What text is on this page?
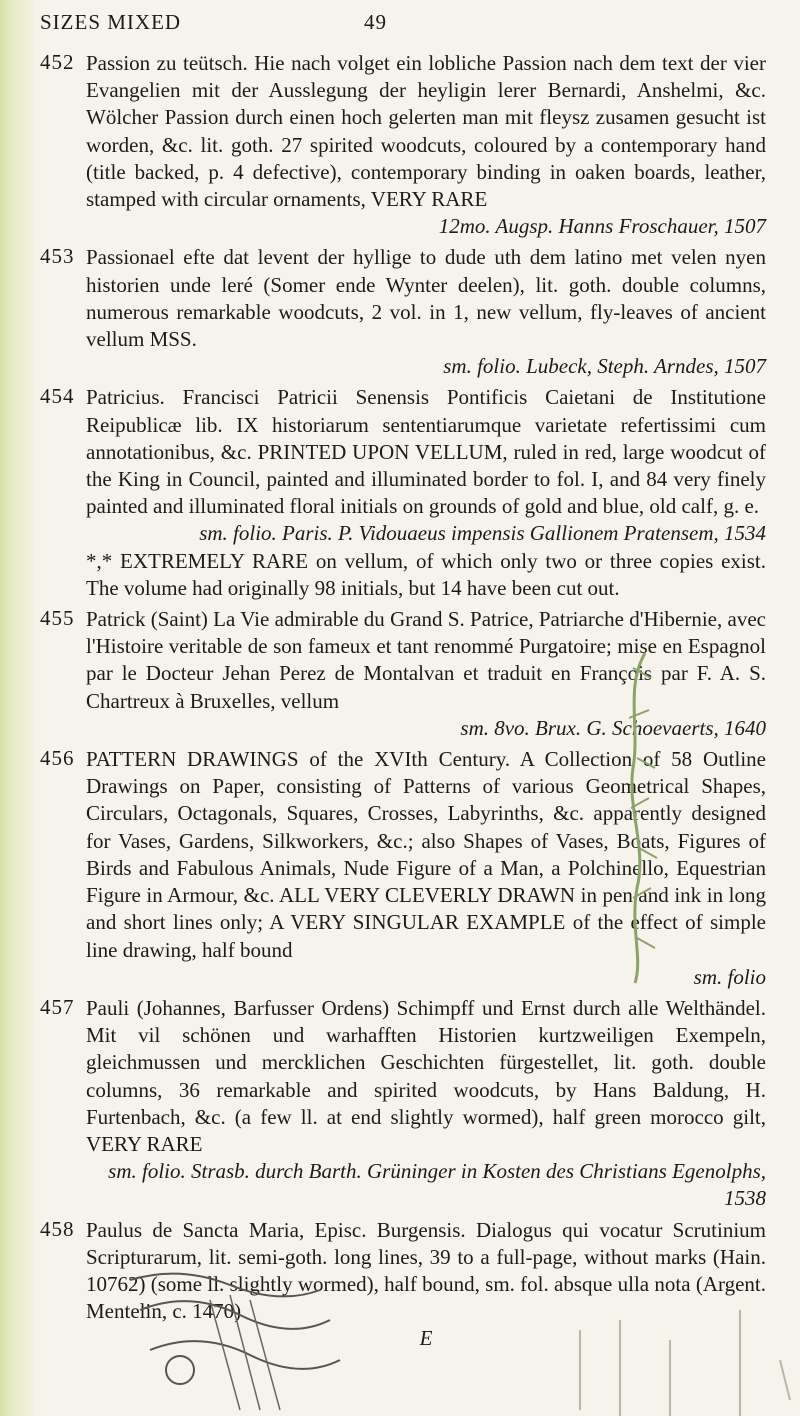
SIZES MIXED	49
452 Passion zu teütsch. Hie nach volget ein lobliche Passion nach dem text der vier Evangelien mit der Ausslegung der heyligin lerer Bernardi, Anshelmi, &c. Wölcher Passion durch einen hoch gelerten man mit fleysz zusamen gesucht ist worden, &c. lit. goth. 27 spirited woodcuts, coloured by a contemporary hand (title backed, p. 4 defective), contemporary binding in oaken boards, leather, stamped with circular ornaments, VERY RARE
12mo. Augsp. Hanns Froschauer, 1507
453 Passionael efte dat levent der hyllige to dude uth dem latino met velen nyen historien unde leré (Somer ende Wynter deelen), lit. goth. double columns, numerous remarkable woodcuts, 2 vol. in 1, new vellum, fly-leaves of ancient vellum MSS.
sm. folio. Lubeck, Steph. Arndes, 1507
454 Patricius. Francisci Patricii Senensis Pontificis Caietani de Institutione Reipublicæ lib. IX historiarum sententiarumque varietate refertissimi cum annotationibus, &c. PRINTED UPON VELLUM, ruled in red, large woodcut of the King in Council, painted and illuminated border to fol. I, and 84 very finely painted and illuminated floral initials on grounds of gold and blue, old calf, g. e.
sm. folio. Paris. P. Vidouaeus impensis Gallionem Pratensem, 1534
*,* EXTREMELY RARE on vellum, of which only two or three copies exist. The volume had originally 98 initials, but 14 have been cut out.
455 Patrick (Saint) La Vie admirable du Grand S. Patrice, Patriarche d'Hibernie, avec l'Histoire veritable de son fameux et tant renommé Purgatoire; mise en Espagnol par le Docteur Jehan Perez de Montalvan et traduit en François par F. A. S. Chartreux à Bruxelles, vellum
sm. 8vo. Brux. G. Schoevaerts, 1640
456 PATTERN DRAWINGS of the XVIth Century. A Collection of 58 Outline Drawings on Paper, consisting of Patterns of various Geometrical Shapes, Circulars, Octagonals, Squares, Crosses, Labyrinths, &c. apparently designed for Vases, Gardens, Silkworkers, &c.; also Shapes of Vases, Boats, Figures of Birds and Fabulous Animals, Nude Figure of a Man, a Polchinello, Equestrian Figure in Armour, &c. ALL VERY CLEVERLY DRAWN in pen and ink in long and short lines only; A VERY SINGULAR EXAMPLE of the effect of simple line drawing, half bound
sm. folio
457 Pauli (Johannes, Barfusser Ordens) Schimpff und Ernst durch alle Welthändel. Mit vil schönen und warhafften Historien kurtzweiligen Exempeln, gleichmussen und mercklichen Geschichten fürgestellet, lit. goth. double columns, 36 remarkable and spirited woodcuts, by Hans Baldung, H. Furtenbach, &c. (a few ll. at end slightly wormed), half green morocco gilt, VERY RARE
sm. folio. Strasb. durch Barth. Grüninger in Kosten des Christians Egenolphs, 1538
458 Paulus de Sancta Maria, Episc. Burgensis. Dialogus qui vocatur Scrutinium Scripturarum, lit. semi-goth. long lines, 39 to a full-page, without marks (Hain. 10762) (some ll. slightly wormed), half bound, sm. fol. absque ulla nota (Argent. Mentelin, c. 1470)
E
